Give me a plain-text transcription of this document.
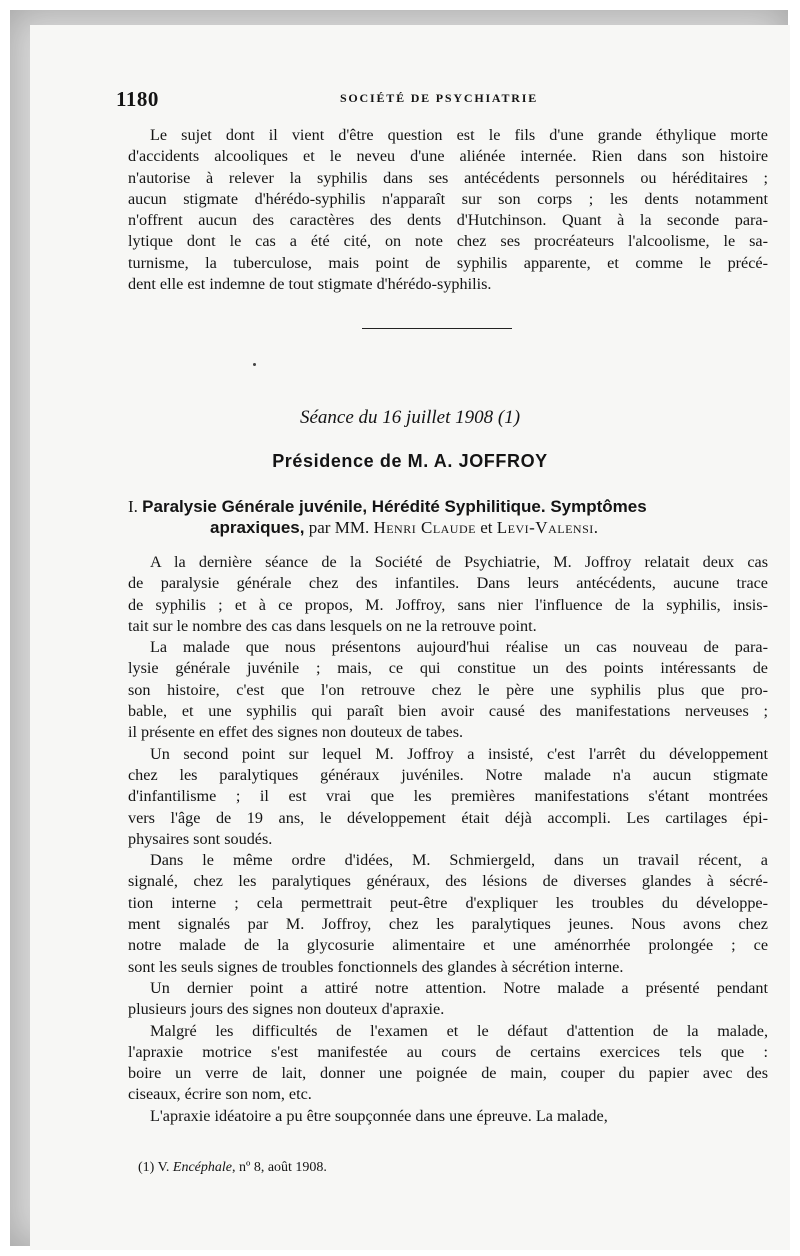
1180	SOCIÉTÉ DE PSYCHIATRIE
Le sujet dont il vient d'être question est le fils d'une grande éthylique morte
d'accidents alcooliques et le neveu d'une aliénée internée. Rien dans son histoire
n'autorise à relever la syphilis dans ses antécédents personnels ou héréditaires ;
aucun stigmate d'hérédo-syphilis n'apparaît sur son corps ; les dents notamment
n'offrent aucun des caractères des dents d'Hutchinson. Quant à la seconde para-
lytique dont le cas a été cité, on note chez ses procréateurs l'alcoolisme, le sa-
turnisme, la tuberculose, mais point de syphilis apparente, et comme le précé-
dent elle est indemne de tout stigmate d'hérédo-syphilis.
Séance du 16 juillet 1908 (1)
Présidence de M. A. JOFFROY
I. Paralysie Générale juvénile, Hérédité Syphilitique. Symptômes
apraxiques, par MM. Henri Claude et Levi-Valensi.
A la dernière séance de la Société de Psychiatrie, M. Joffroy relatait deux cas
de paralysie générale chez des infantiles. Dans leurs antécédents, aucune trace
de syphilis ; et à ce propos, M. Joffroy, sans nier l'influence de la syphilis, insis-
tait sur le nombre des cas dans lesquels on ne la retrouve point.
La malade que nous présentons aujourd'hui réalise un cas nouveau de para-
lysie générale juvénile ; mais, ce qui constitue un des points intéressants de
son histoire, c'est que l'on retrouve chez le père une syphilis plus que pro-
bable, et une syphilis qui paraît bien avoir causé des manifestations nerveuses ;
il présente en effet des signes non douteux de tabes.
Un second point sur lequel M. Joffroy a insisté, c'est l'arrêt du développement
chez les paralytiques généraux juvéniles. Notre malade n'a aucun stigmate
d'infantilisme ; il est vrai que les premières manifestations s'étant montrées
vers l'âge de 19 ans, le développement était déjà accompli. Les cartilages épi-
physaires sont soudés.
Dans le même ordre d'idées, M. Schmiergeld, dans un travail récent, a
signalé, chez les paralytiques généraux, des lésions de diverses glandes à sécré-
tion interne ; cela permettrait peut-être d'expliquer les troubles du développe-
ment signalés par M. Joffroy, chez les paralytiques jeunes. Nous avons chez
notre malade de la glycosurie alimentaire et une aménorrhée prolongée ; ce
sont les seuls signes de troubles fonctionnels des glandes à sécrétion interne.
Un dernier point a attiré notre attention. Notre malade a présenté pendant
plusieurs jours des signes non douteux d'apraxie.
Malgré les difficultés de l'examen et le défaut d'attention de la malade,
l'apraxie motrice s'est manifestée au cours de certains exercices tels que :
boire un verre de lait, donner une poignée de main, couper du papier avec des
ciseaux, écrire son nom, etc.
L'apraxie idéatoire a pu être soupçonnée dans une épreuve. La malade,
(1) V. Encéphale, nº 8, août 1908.
